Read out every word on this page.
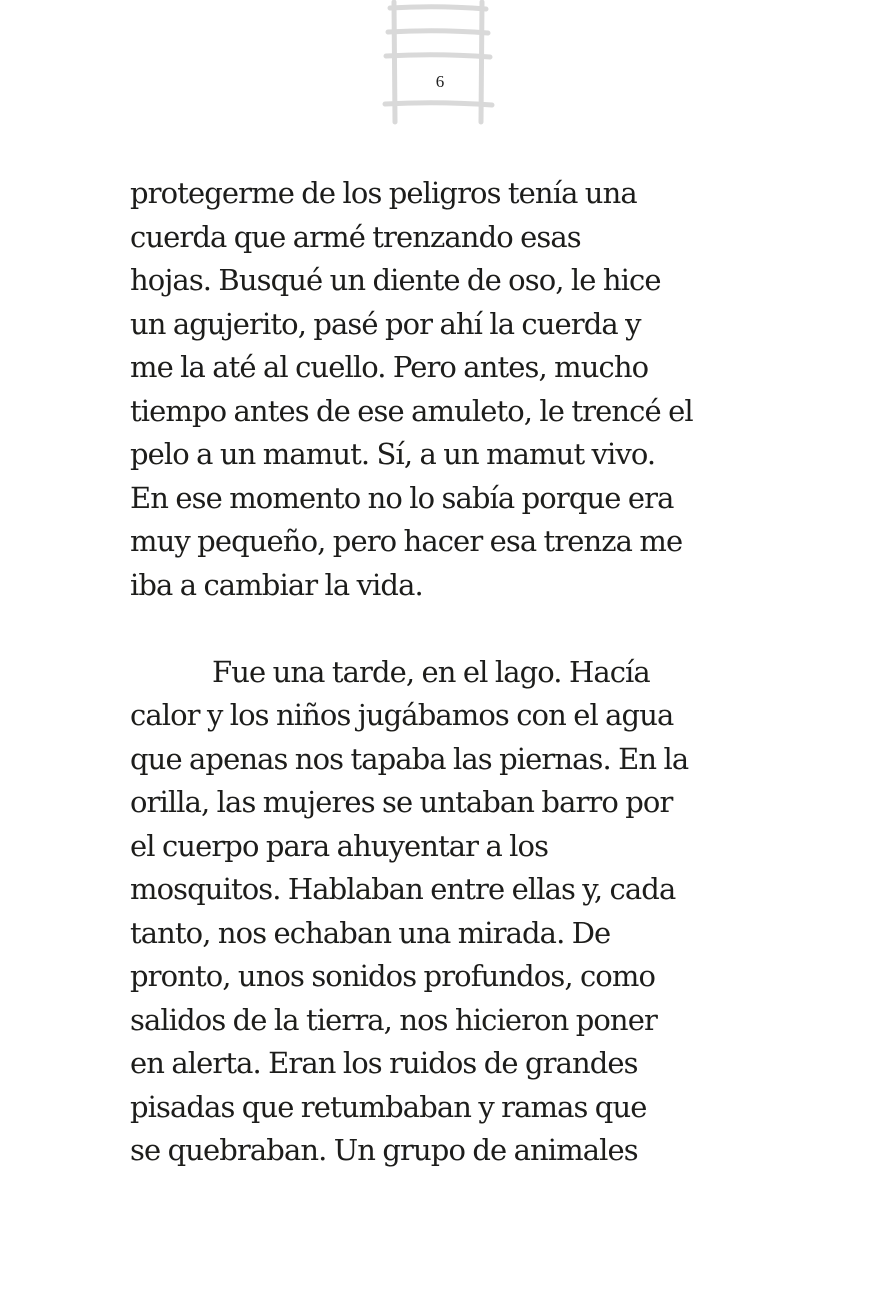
6
protegerme de los peligros tenía una
cuerda que armé trenzando esas
hojas. Busqué un diente de oso, le hice
un agujerito, pasé por ahí la cuerda y
me la até al cuello. Pero antes, mucho
tiempo antes de ese amuleto, le trencé el
pelo a un mamut. Sí, a un mamut vivo.
En ese momento no lo sabía porque era
muy pequeño, pero hacer esa trenza me
iba a cambiar la vida.
Fue una tarde, en el lago. Hacía
calor y los niños jugábamos con el agua
que apenas nos tapaba las piernas. En la
orilla, las mujeres se untaban barro por
el cuerpo para ahuyentar a los
mosquitos. Hablaban entre ellas y, cada
tanto, nos echaban una mirada. De
pronto, unos sonidos profundos, como
salidos de la tierra, nos hicieron poner
en alerta. Eran los ruidos de grandes
pisadas que retumbaban y ramas que
se quebraban. Un grupo de animales
